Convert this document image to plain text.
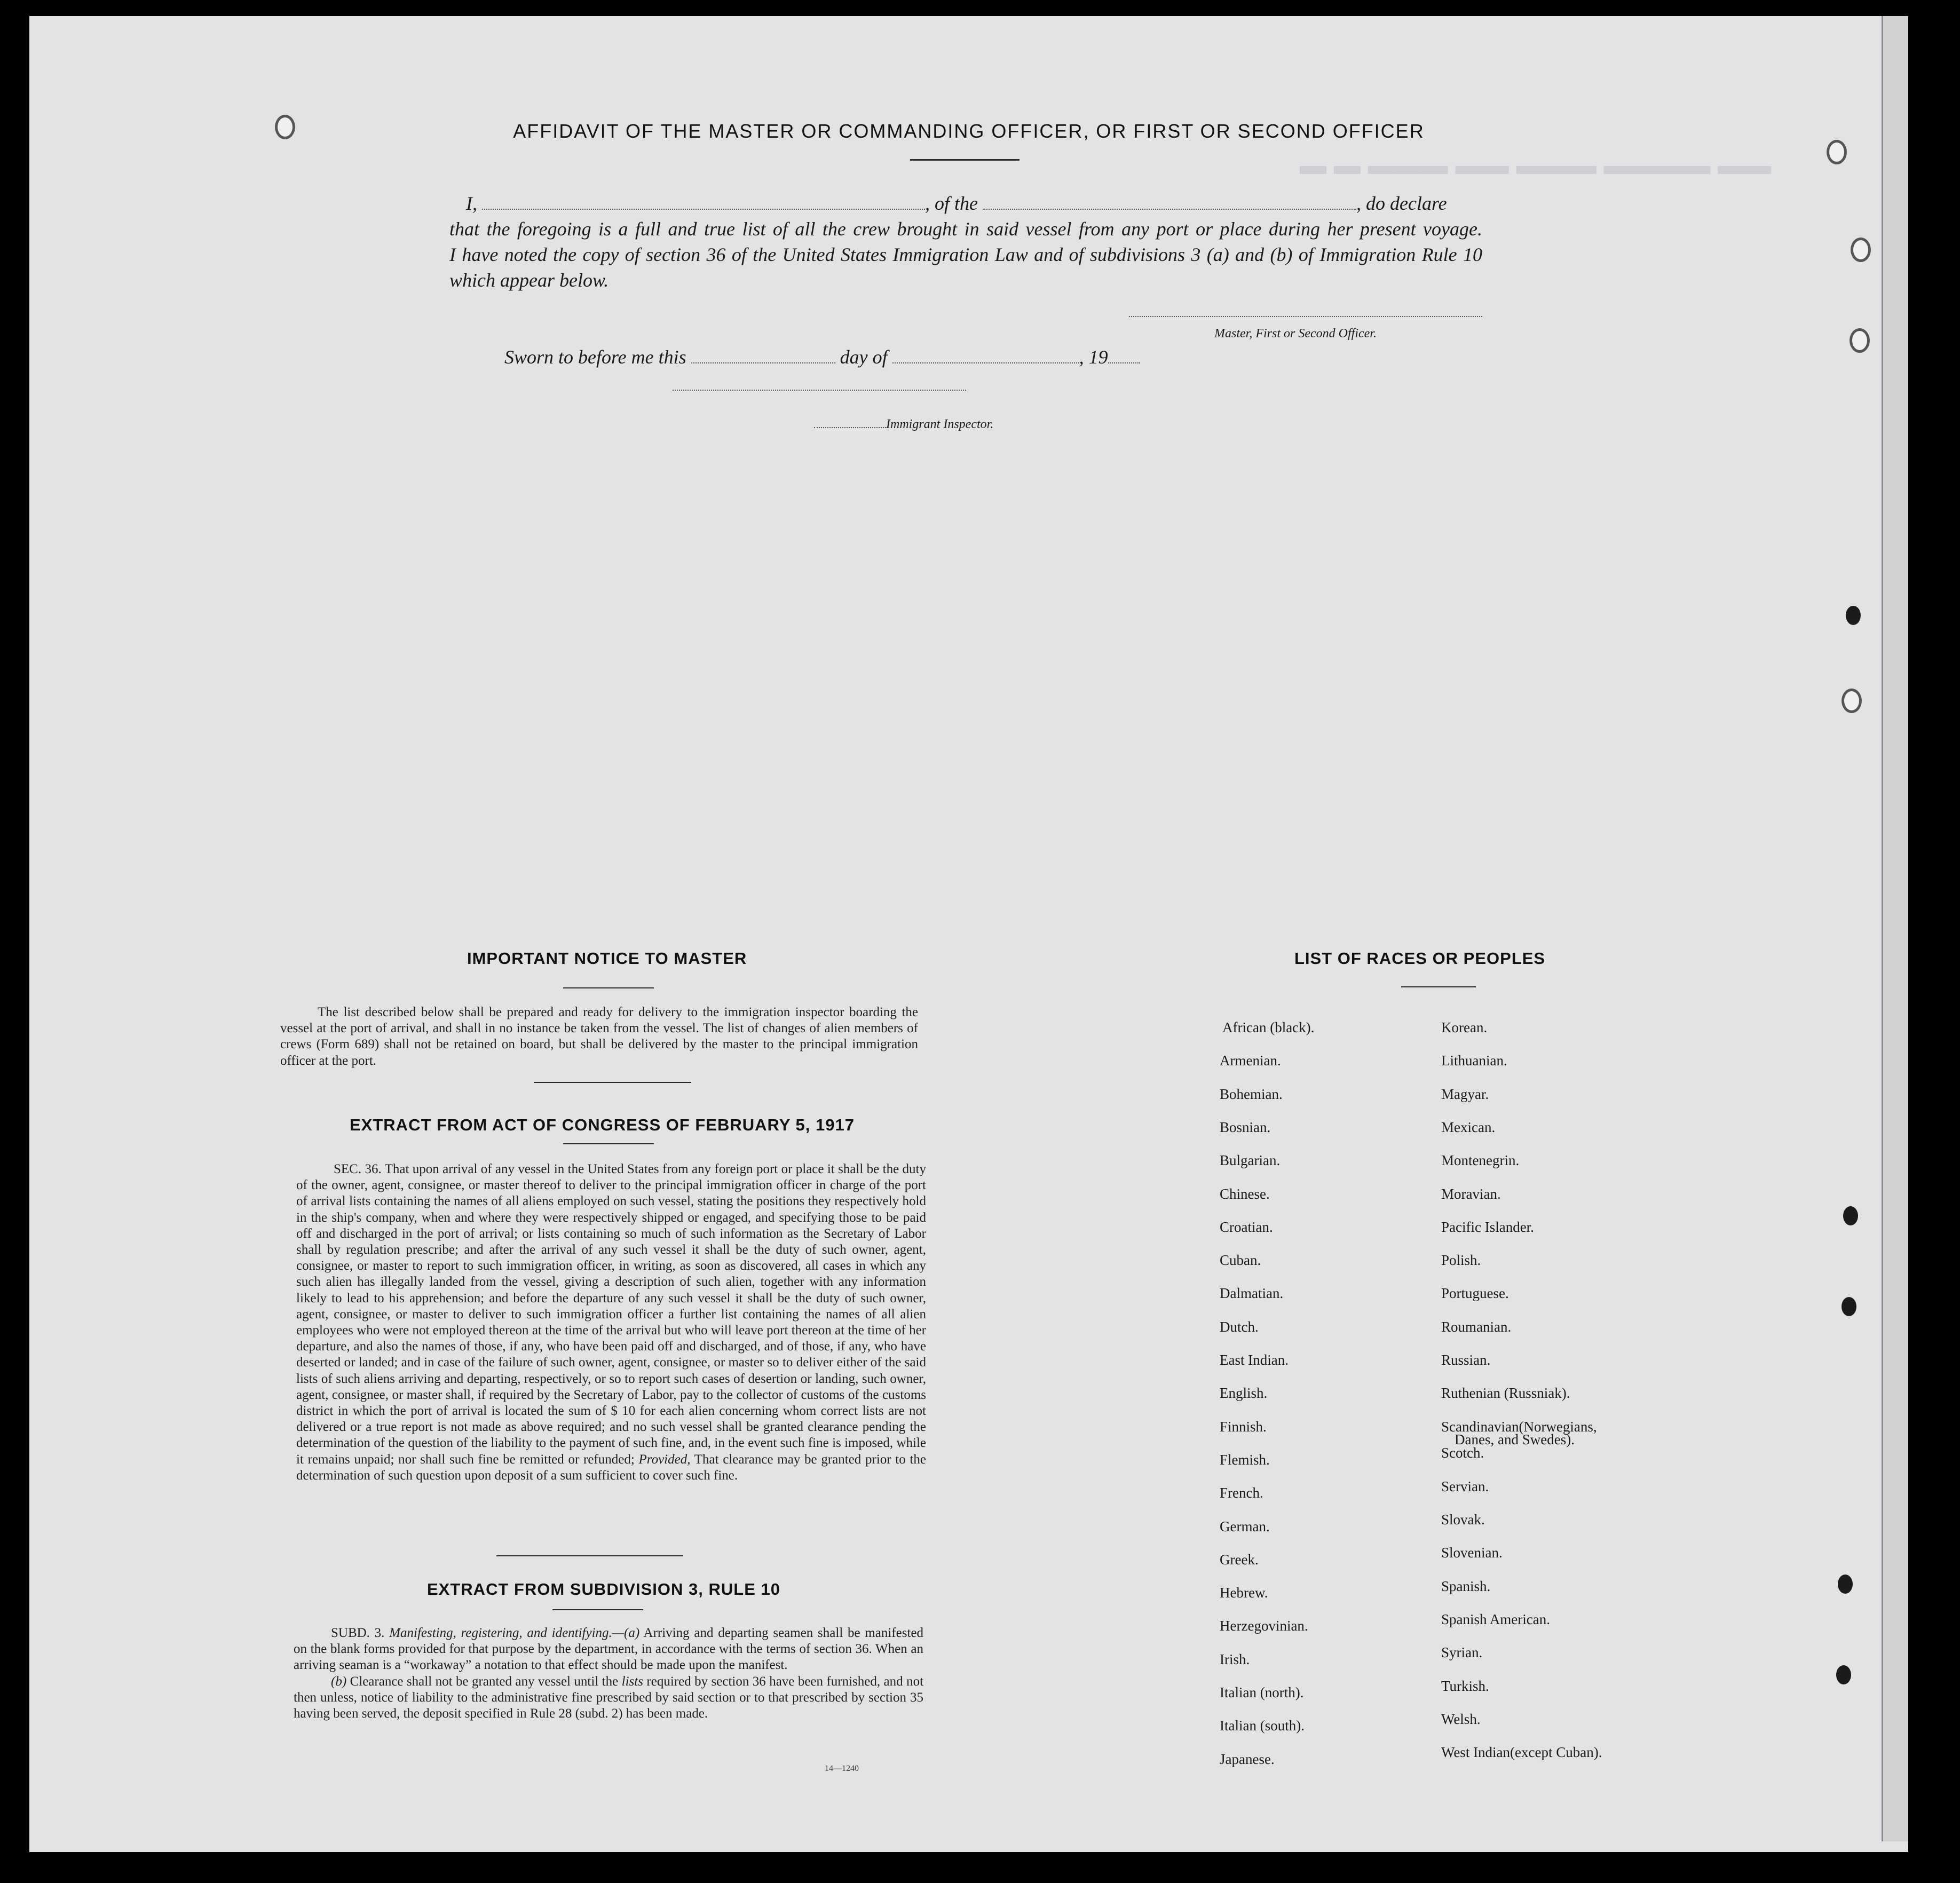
▬ ▬ ▬▬▬ ▬▬ ▬▬▬ ▬▬▬▬ ▬▬
AFFIDAVIT OF THE MASTER OR COMMANDING OFFICER, OR FIRST OR SECOND OFFICER
I,	, of the	, do declare
that the foregoing is a full and true list of all the crew brought in said vessel from any port or place during her present voyage.
I have noted the copy of section 36 of the United States Immigration Law and of subdivisions 3 (a) and (b) of Immigration Rule 10
which appear below.
Master, First or Second Officer.
Sworn to before me this	day of	, 19
Immigrant Inspector.
IMPORTANT NOTICE TO MASTER

The list described below shall be prepared and ready for delivery to the immigration inspector boarding the vessel at the port of arrival, and shall in no instance be taken from the vessel. The list of changes of alien members of crews (Form 689) shall not be retained on board, but shall be delivered by the master to the principal immigration officer at the port.

EXTRACT FROM ACT OF CONGRESS OF FEBRUARY 5, 1917

SEC. 36. That upon arrival of any vessel in the United States from any foreign port or place it shall be the duty of the owner, agent, consignee, or master thereof to deliver to the principal immigration officer in charge of the port of arrival lists containing the names of all aliens employed on such vessel, stating the positions they respectively hold in the ship's company, when and where they were respectively shipped or engaged, and specifying those to be paid off and discharged in the port of arrival; or lists containing so much of such information as the Secretary of Labor shall by regulation prescribe; and after the arrival of any such vessel it shall be the duty of such owner, agent, consignee, or master to report to such immigration officer, in writing, as soon as discovered, all cases in which any such alien has illegally landed from the vessel, giving a description of such alien, together with any information likely to lead to his apprehension; and before the departure of any such vessel it shall be the duty of such owner, agent, consignee, or master to deliver to such immigration officer a further list containing the names of all alien employees who were not employed thereon at the time of the arrival but who will leave port thereon at the time of her departure, and also the names of those, if any, who have been paid off and discharged, and of those, if any, who have deserted or landed; and in case of the failure of such owner, agent, consignee, or master so to deliver either of the said lists of such aliens arriving and departing, respectively, or so to report such cases of desertion or landing, such owner, agent, consignee, or master shall, if required by the Secretary of Labor, pay to the collector of customs of the customs district in which the port of arrival is located the sum of $ 10 for each alien concerning whom correct lists are not delivered or a true report is not made as above required; and no such vessel shall be granted clearance pending the determination of the question of the liability to the payment of such fine, and, in the event such fine is imposed, while it remains unpaid; nor shall such fine be remitted or refunded; Provided, That clearance may be granted prior to the determination of such question upon deposit of a sum sufficient to cover such fine.

EXTRACT FROM SUBDIVISION 3, RULE 10

SUBD. 3. Manifesting, registering, and identifying.—(a) Arriving and departing seamen shall be manifested on the blank forms provided for that purpose by the department, in accordance with the terms of section 36. When an arriving seaman is a “workaway” a notation to that effect should be made upon the manifest.

(b) Clearance shall not be granted any vessel until the lists required by section 36 have been furnished, and not then unless, notice of liability to the administrative fine prescribed by said section or to that prescribed by section 35 having been served, the deposit specified in Rule 28 (subd. 2) has been made.

14—1240
LIST OF RACES OR PEOPLES
African (black).
Armenian.
Bohemian.
Bosnian.
Bulgarian.
Chinese.
Croatian.
Cuban.
Dalmatian.
Dutch.
East Indian.
English.
Finnish.
Flemish.
French.
German.
Greek.
Hebrew.
Herzegovinian.
Irish.
Italian (north).
Italian (south).
Japanese.
Korean.
Lithuanian.
Magyar.
Mexican.
Montenegrin.
Moravian.
Pacific Islander.
Polish.
Portuguese.
Roumanian.
Russian.
Ruthenian (Russniak).
Scandinavian(Norwegians,
Danes, and Swedes).
Scotch.
Servian.
Slovak.
Slovenian.
Spanish.
Spanish American.
Syrian.
Turkish.
Welsh.
West Indian(except Cuban).
